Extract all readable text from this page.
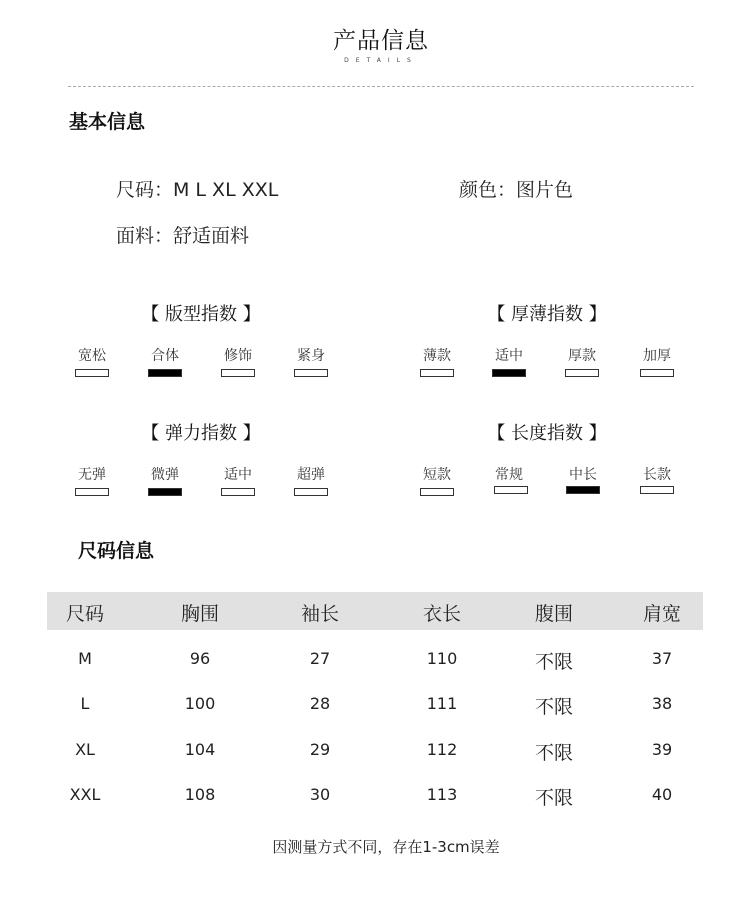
产品信息
DETAILS
基本信息
尺码：M L XL XXL	颜色：图片色
面料：舒适面料
【 版型指数 】
宽松	合体	修饰	紧身
【 厚薄指数 】
薄款	适中	厚款	加厚
【 弹力指数 】
无弹	微弹	适中	超弹
【 长度指数 】
短款	常规	中长	长款
尺码信息
尺码	胸围	袖长	衣长	腹围	肩宽
M	96	27	110	不限	37
L	100	28	111	不限	38
XL	104	29	112	不限	39
XXL	108	30	113	不限	40
因测量方式不同，存在1-3cm误差
